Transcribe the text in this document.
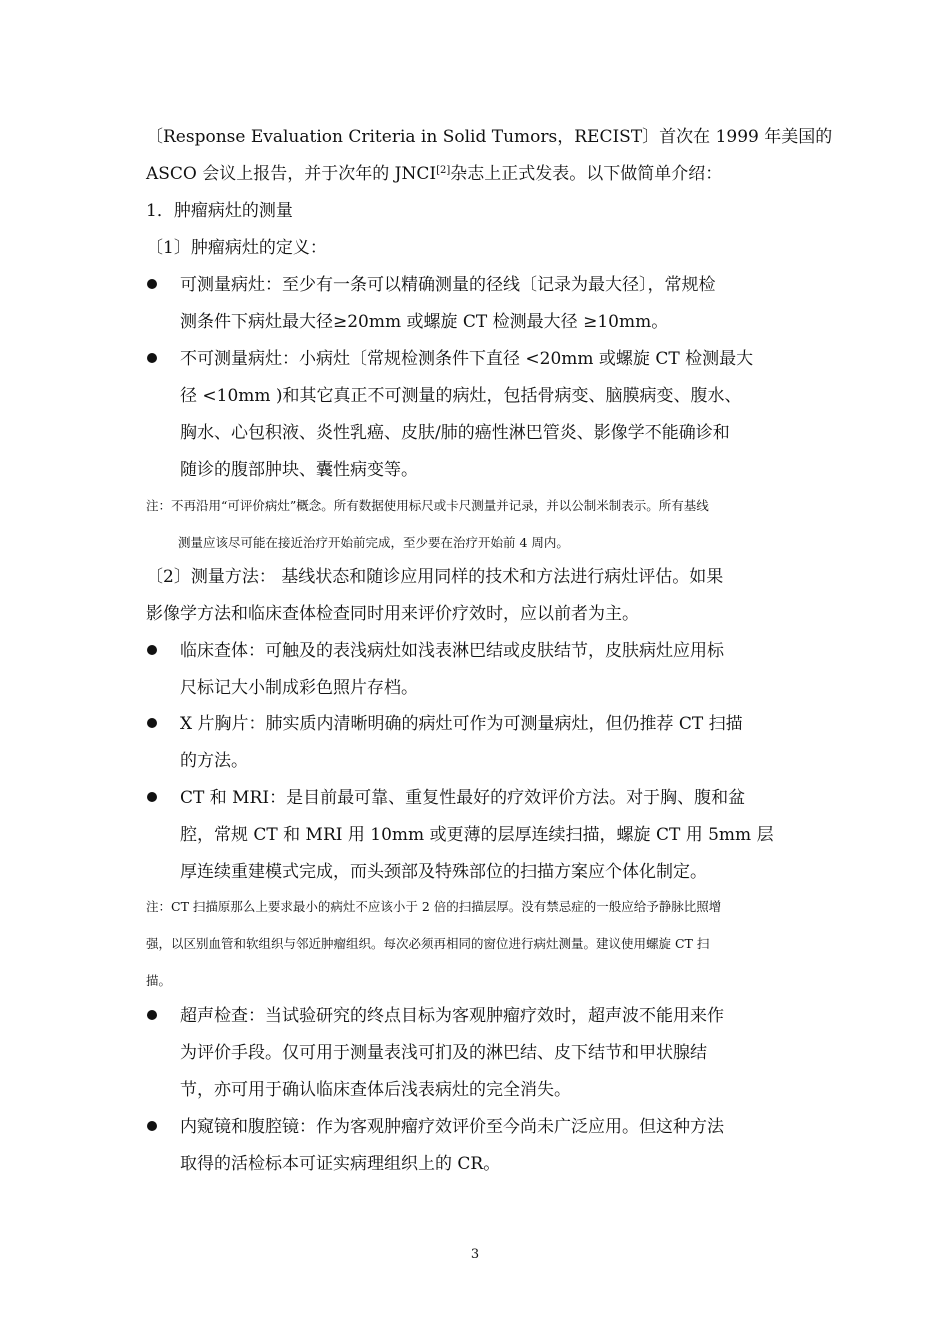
〔Response Evaluation Criteria in Solid Tumors，RECIST〕首次在 1999 年美国的
ASCO 会议上报告，并于次年的 JNCI[2]杂志上正式发表。以下做简单介绍：
1．肿瘤病灶的测量
〔1〕肿瘤病灶的定义：
可测量病灶：至少有一条可以精确测量的径线〔记录为最大径〕，常规检
测条件下病灶最大径≥20mm 或螺旋 CT 检测最大径 ≥10mm。
不可测量病灶：小病灶〔常规检测条件下直径 <20mm 或螺旋 CT 检测最大
径 <10mm )和其它真正不可测量的病灶，包括骨病变、脑膜病变、腹水、
胸水、心包积液、炎性乳癌、皮肤/肺的癌性淋巴管炎、影像学不能确诊和
随诊的腹部肿块、囊性病变等。
注：不再沿用“可评价病灶”概念。所有数据使用标尺或卡尺测量并记录，并以公制米制表示。所有基线
测量应该尽可能在接近治疗开始前完成，至少要在治疗开始前 4 周内。
〔2〕测量方法： 基线状态和随诊应用同样的技术和方法进行病灶评估。如果
影像学方法和临床查体检查同时用来评价疗效时，应以前者为主。
临床查体：可触及的表浅病灶如浅表淋巴结或皮肤结节，皮肤病灶应用标
尺标记大小制成彩色照片存档。
X 片胸片：肺实质内清晰明确的病灶可作为可测量病灶，但仍推荐 CT 扫描
的方法。
CT 和 MRI：是目前最可靠、重复性最好的疗效评价方法。对于胸、腹和盆
腔，常规 CT 和 MRI 用 10mm 或更薄的层厚连续扫描，螺旋 CT 用 5mm 层
厚连续重建模式完成，而头颈部及特殊部位的扫描方案应个体化制定。
注：CT 扫描原那么上要求最小的病灶不应该小于 2 倍的扫描层厚。没有禁忌症的一般应给予静脉比照增
强，以区别血管和软组织与邻近肿瘤组织。每次必须再相同的窗位进行病灶测量。建议使用螺旋 CT 扫
描。
超声检查：当试验研究的终点目标为客观肿瘤疗效时，超声波不能用来作
为评价手段。仅可用于测量表浅可扪及的淋巴结、皮下结节和甲状腺结
节，亦可用于确认临床查体后浅表病灶的完全消失。
内窥镜和腹腔镜：作为客观肿瘤疗效评价至今尚未广泛应用。但这种方法
取得的活检标本可证实病理组织上的 CR。
3
